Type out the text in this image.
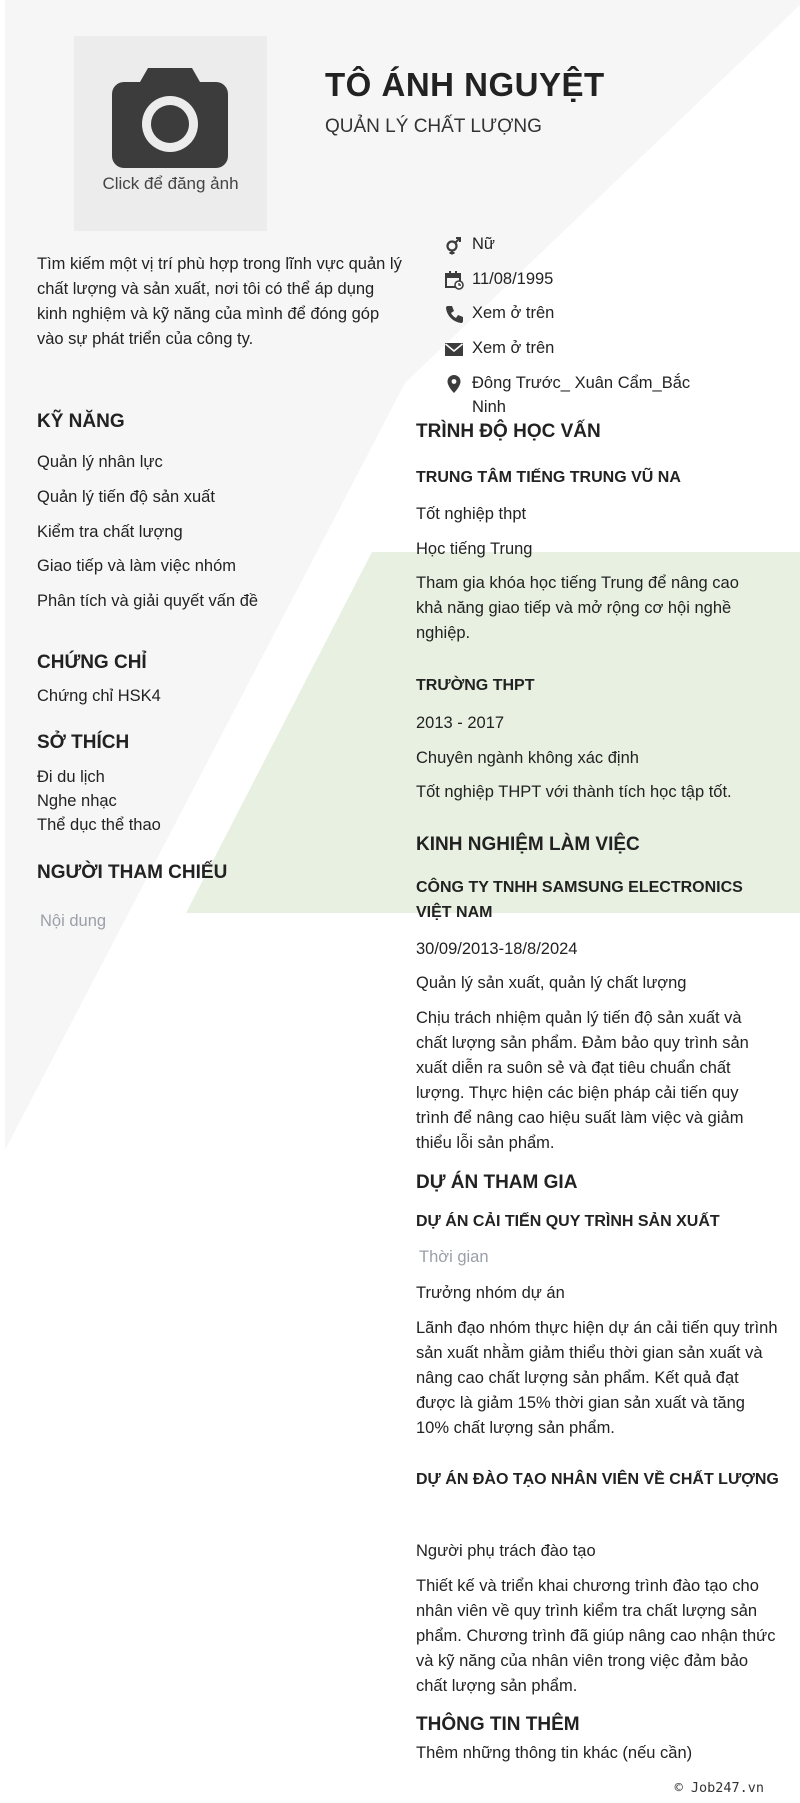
Click để đăng ảnh
TÔ ÁNH NGUYỆT
QUẢN LÝ CHẤT LƯỢNG
Tìm kiếm một vị trí phù hợp trong lĩnh vực quản lý chất lượng và sản xuất, nơi tôi có thể áp dụng kinh nghiệm và kỹ năng của mình để đóng góp vào sự phát triển của công ty.
Nữ
11/08/1995
Xem ở trên
Xem ở trên
Đông Trước_ Xuân Cẩm_Bắc
Ninh
KỸ NĂNG
Quản lý nhân lực
Quản lý tiến độ sản xuất
Kiểm tra chất lượng
Giao tiếp và làm việc nhóm
Phân tích và giải quyết vấn đề
CHỨNG CHỈ
Chứng chỉ HSK4
SỞ THÍCH
Đi du lịch
Nghe nhạc
Thể dục thể thao
NGƯỜI THAM CHIẾU
Nội dung
TRÌNH ĐỘ HỌC VẤN
TRUNG TÂM TIẾNG TRUNG VŨ NA
Tốt nghiệp thpt
Học tiếng Trung
Tham gia khóa học tiếng Trung để nâng cao khả năng giao tiếp và mở rộng cơ hội nghề nghiệp.
TRƯỜNG THPT
2013 - 2017
Chuyên ngành không xác định
Tốt nghiệp THPT với thành tích học tập tốt.
KINH NGHIỆM LÀM VIỆC
CÔNG TY TNHH SAMSUNG ELECTRONICS
VIỆT NAM
30/09/2013-18/8/2024
Quản lý sản xuất, quản lý chất lượng
Chịu trách nhiệm quản lý tiến độ sản xuất và chất lượng sản phẩm. Đảm bảo quy trình sản xuất diễn ra suôn sẻ và đạt tiêu chuẩn chất lượng. Thực hiện các biện pháp cải tiến quy trình để nâng cao hiệu suất làm việc và giảm thiểu lỗi sản phẩm.
DỰ ÁN THAM GIA
DỰ ÁN CẢI TIẾN QUY TRÌNH SẢN XUẤT
Thời gian
Trưởng nhóm dự án
Lãnh đạo nhóm thực hiện dự án cải tiến quy trình sản xuất nhằm giảm thiểu thời gian sản xuất và nâng cao chất lượng sản phẩm. Kết quả đạt được là giảm 15% thời gian sản xuất và tăng 10% chất lượng sản phẩm.
DỰ ÁN ĐÀO TẠO NHÂN VIÊN VỀ CHẤT LƯỢNG
Người phụ trách đào tạo
Thiết kế và triển khai chương trình đào tạo cho nhân viên về quy trình kiểm tra chất lượng sản phẩm. Chương trình đã giúp nâng cao nhận thức và kỹ năng của nhân viên trong việc đảm bảo chất lượng sản phẩm.
THÔNG TIN THÊM
Thêm những thông tin khác (nếu cần)
© Job247.vn
